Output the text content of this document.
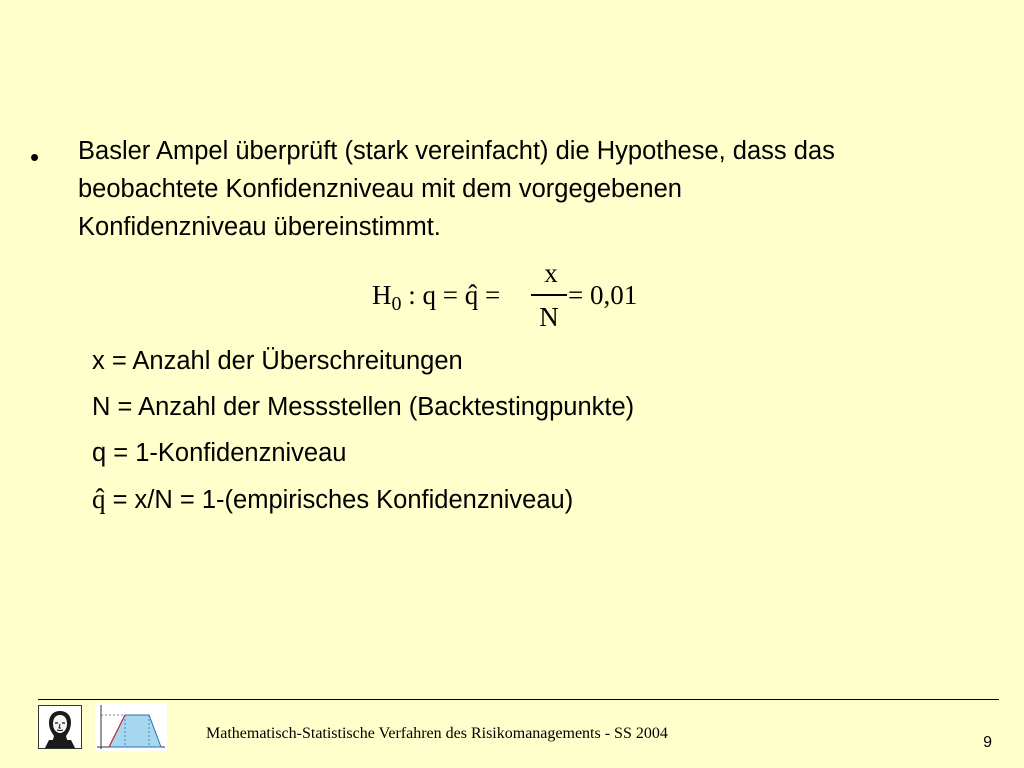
• Basler Ampel überprüft (stark vereinfacht) die Hypothese, dass das
beobachtete Konfidenzniveau mit dem vorgegebenen
Konfidenzniveau übereinstimmt.
$H_0$ : q = q̂ =
x
N
= 0,01
x = Anzahl der Überschreitungen
N = Anzahl der Messstellen (Backtestingpunkte)
q = 1-Konfidenzniveau
q̂ = x/N = 1-(empirisches Konfidenzniveau)
Mathematisch-Statistische Verfahren des Risikomanagements - SS 2004
9
